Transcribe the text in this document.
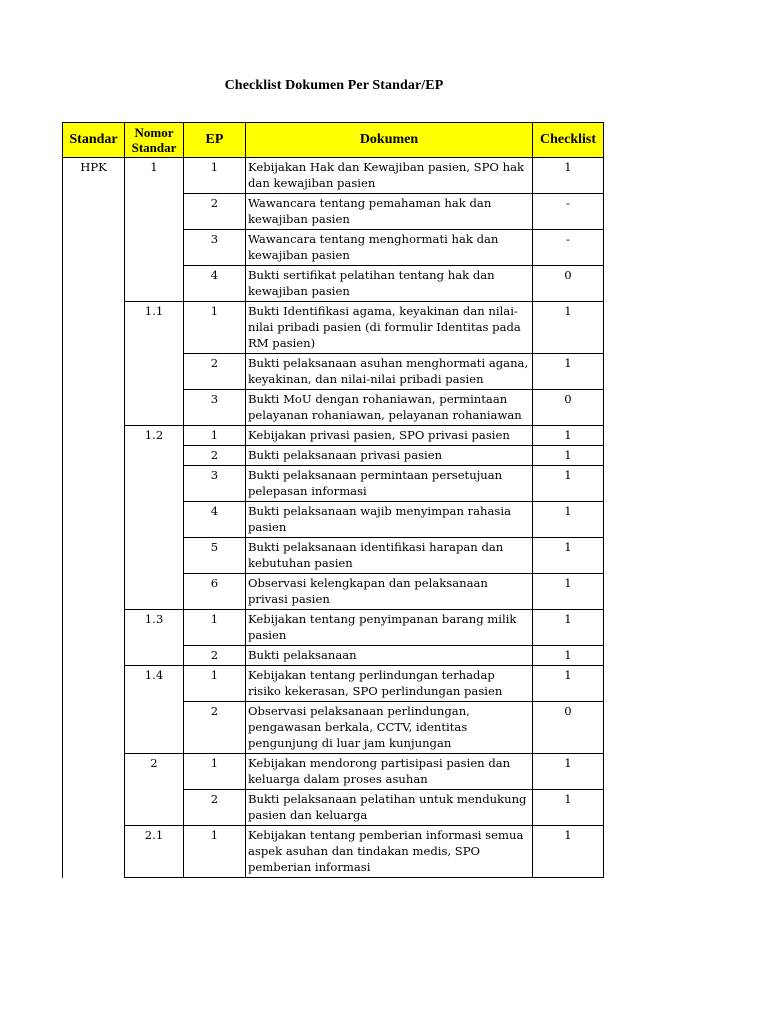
Checklist Dokumen Per Standar/EP
Standar	Nomor Standar	EP	Dokumen	Checklist
HPK	1	1	Kebijakan Hak dan Kewajiban pasien, SPO hak dan kewajiban pasien	1
		2	Wawancara tentang pemahaman hak dan kewajiban pasien	-
		3	Wawancara tentang menghormati hak dan kewajiban pasien	-
		4	Bukti sertifikat pelatihan tentang hak dan kewajiban pasien	0
	1.1	1	Bukti Identifikasi agama, keyakinan dan nilai-nilai pribadi pasien (di formulir Identitas pada RM pasien)	1
		2	Bukti pelaksanaan asuhan menghormati agana, keyakinan, dan nilai-nilai pribadi pasien	1
		3	Bukti MoU dengan rohaniawan, permintaan pelayanan rohaniawan, pelayanan rohaniawan	0
	1.2	1	Kebijakan privasi pasien, SPO privasi pasien	1
		2	Bukti pelaksanaan privasi pasien	1
		3	Bukti pelaksanaan permintaan persetujuan pelepasan informasi	1
		4	Bukti pelaksanaan wajib menyimpan rahasia pasien	1
		5	Bukti pelaksanaan identifikasi harapan dan kebutuhan pasien	1
		6	Observasi kelengkapan dan pelaksanaan privasi pasien	1
	1.3	1	Kebijakan tentang penyimpanan barang milik pasien	1
		2	Bukti pelaksanaan	1
	1.4	1	Kebijakan tentang perlindungan terhadap risiko kekerasan, SPO perlindungan pasien	1
		2	Observasi pelaksanaan perlindungan, pengawasan berkala, CCTV, identitas pengunjung di luar jam kunjungan	0
	2	1	Kebijakan mendorong partisipasi pasien dan keluarga dalam proses asuhan	1
		2	Bukti pelaksanaan pelatihan untuk mendukung pasien dan keluarga	1
	2.1	1	Kebijakan tentang pemberian informasi semua aspek asuhan dan tindakan medis, SPO pemberian informasi	1
